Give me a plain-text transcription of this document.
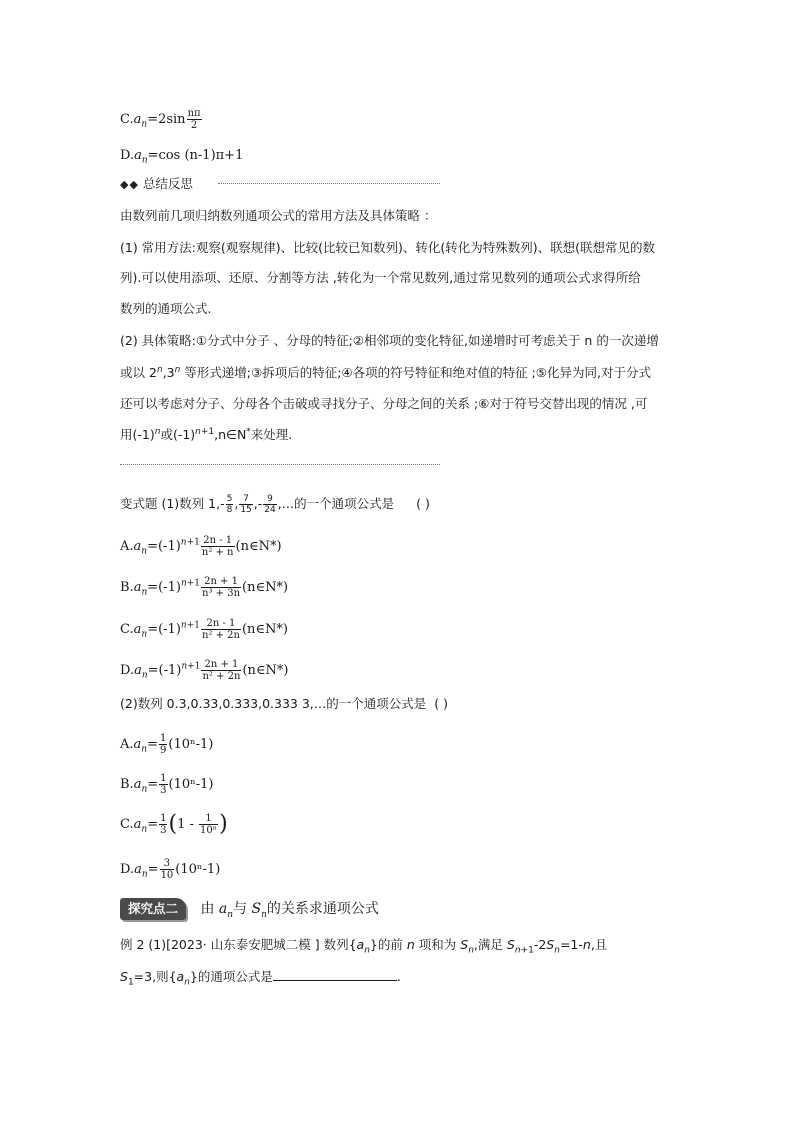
$C.a_n=2\sin \frac{n\pi}{2}$
$D.a_n=\cos$ (n-1)π+1
◆◆ 总结反思
由数列前几项归纳数列通项公式的常用方法及具体策略 ：
(1) 常用方法:观察(观察规律)、比较(比较已知数列)、转化(转化为特殊数列)、联想(联想常见的数
列).可以使用添项、还原、分割等方法 ,转化为一个常见数列,通过常见数列的通项公式求得所给
数列的通项公式.
(2) 具体策略:①分式中分子 、分母的特征;②相邻项的变化特征,如递增时可考虑关于 n 的一次递增
或以 2$^n$,3$^n$ 等形式递增;③拆项后的特征;④各项的符号特征和绝对值的特征 ;⑤化异为同,对于分式
还可以考虑对分子、分母各个击破或寻找分子、分母之间的关系 ;⑥对于符号交替出现的情况 ,可
用$(-1)^n$或$(-1)^{n+1},n\in N^*$来处理.
变式题 (1)数列 $1,- \frac{5}{8}$ , $\frac{7}{15}$ ,- $\frac{9}{24}$ ,…的一个通项公式是 ( )
$A.a_n=(-1)^{n+1} \frac{2n - 1}{\text{n² + n}}$ (n∈N*)
$B.a_n=(-1)^{n+1} \frac{2n + 1}{\text{n³ + 3n}}$ (n∈N*)
$C.a_n=(-1)^{n+1} \frac{2n - 1}{\text{n² + 2n}}$ (n∈N*)
$D.a_n=(-1)^{n+1} \frac{2n + 1}{\text{n² + 2n}}$ (n∈N*)
(2)数列 0.3,0.33,0.333,0.333 3,…的一个通项公式是 ( )
$A.a_n= \frac{1}{9} (10^n-1)$
$B.a_n= \frac{1}{3} (10^n-1)$
$C.a_n= \frac{1}{3} (1 - \frac{1}{\text{10ⁿ}}$ )
$D.a_n= \frac{3}{10} (10^n-1)$
探究点二 由 $a_n$与 $S_n$的关系求通项公式
例 2 (1)[2023· 山东泰安肥城二模 ] 数列$\{a_n\}$的前 n 项和为 $S_n$,满足 $S_{n+1}-2S_n=1-n$,且
$S_1=3$,则$\{a_n\}$的通项公式是	.
